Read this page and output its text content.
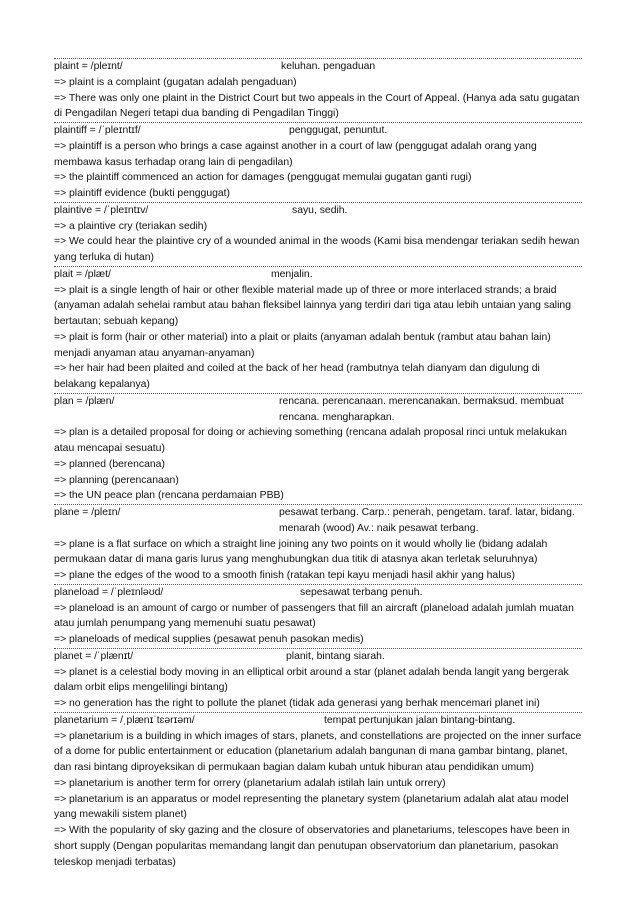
plaint = /pleɪnt/	keluhan. pengaduan

=> plaint is a complaint (gugatan adalah pengaduan)

=> There was only one plaint in the District Court but two appeals in the Court of Appeal. (Hanya ada satu gugatan di Pengadilan Negeri tetapi dua banding di Pengadilan Tinggi)

plaintiff = /ˈpleɪntɪf/	penggugat, penuntut.

=> plaintiff is a person who brings a case against another in a court of law (penggugat adalah orang yang membawa kasus terhadap orang lain di pengadilan)

=> the plaintiff commenced an action for damages (penggugat memulai gugatan ganti rugi)

=> plaintiff evidence (bukti penggugat)

plaintive = /ˈpleɪntɪv/	sayu, sedih.

=> a plaintive cry (teriakan sedih)

=> We could hear the plaintive cry of a wounded animal in the woods (Kami bisa mendengar teriakan sedih hewan yang terluka di hutan)

plait = /plæt/	menjalin.

=> plait is a single length of hair or other flexible material made up of three or more interlaced strands; a braid (anyaman adalah sehelai rambut atau bahan fleksibel lainnya yang terdiri dari tiga atau lebih untaian yang saling bertautan; sebuah kepang)

=> plait is form (hair or other material) into a plait or plaits (anyaman adalah bentuk (rambut atau bahan lain) menjadi anyaman atau anyaman-anyaman)

=> her hair had been plaited and coiled at the back of her head (rambutnya telah dianyam dan digulung di belakang kepalanya)

plan = /plæn/	rencana. perencanaan. merencanakan. bermaksud. membuat rencana. mengharapkan.

=> plan is a detailed proposal for doing or achieving something (rencana adalah proposal rinci untuk melakukan atau mencapai sesuatu)

=> planned (berencana)

=> planning (perencanaan)

=> the UN peace plan (rencana perdamaian PBB)

plane = /pleɪn/	pesawat terbang. Carp.: penerah, pengetam. taraf. latar, bidang. menarah (wood) Av.: naik pesawat terbang.

=> plane is a flat surface on which a straight line joining any two points on it would wholly lie (bidang adalah permukaan datar di mana garis lurus yang menghubungkan dua titik di atasnya akan terletak seluruhnya)

=> plane the edges of the wood to a smooth finish (ratakan tepi kayu menjadi hasil akhir yang halus)

planeload = /ˈpleɪnləʊd/	sepesawat terbang penuh.

=> planeload is an amount of cargo or number of passengers that fill an aircraft (planeload adalah jumlah muatan atau jumlah penumpang yang memenuhi suatu pesawat)

=> planeloads of medical supplies (pesawat penuh pasokan medis)

planet = /ˈplænɪt/	planit, bintang siarah.

=> planet is a celestial body moving in an elliptical orbit around a star (planet adalah benda langit yang bergerak dalam orbit elips mengelilingi bintang)

=> no generation has the right to pollute the planet (tidak ada generasi yang berhak mencemari planet ini)

planetarium = /ˌplænɪˈtɛərɪəm/	tempat pertunjukan jalan bintang-bintang.

=> planetarium is a building in which images of stars, planets, and constellations are projected on the inner surface of a dome for public entertainment or education (planetarium adalah bangunan di mana gambar bintang, planet, dan rasi bintang diproyeksikan di permukaan bagian dalam kubah untuk hiburan atau pendidikan umum)

=> planetarium is another term for orrery (planetarium adalah istilah lain untuk orrery)

=> planetarium is an apparatus or model representing the planetary system (planetarium adalah alat atau model yang mewakili sistem planet)

=> With the popularity of sky gazing and the closure of observatories and planetariums, telescopes have been in short supply (Dengan popularitas memandang langit dan penutupan observatorium dan planetarium, pasokan teleskop menjadi terbatas)
